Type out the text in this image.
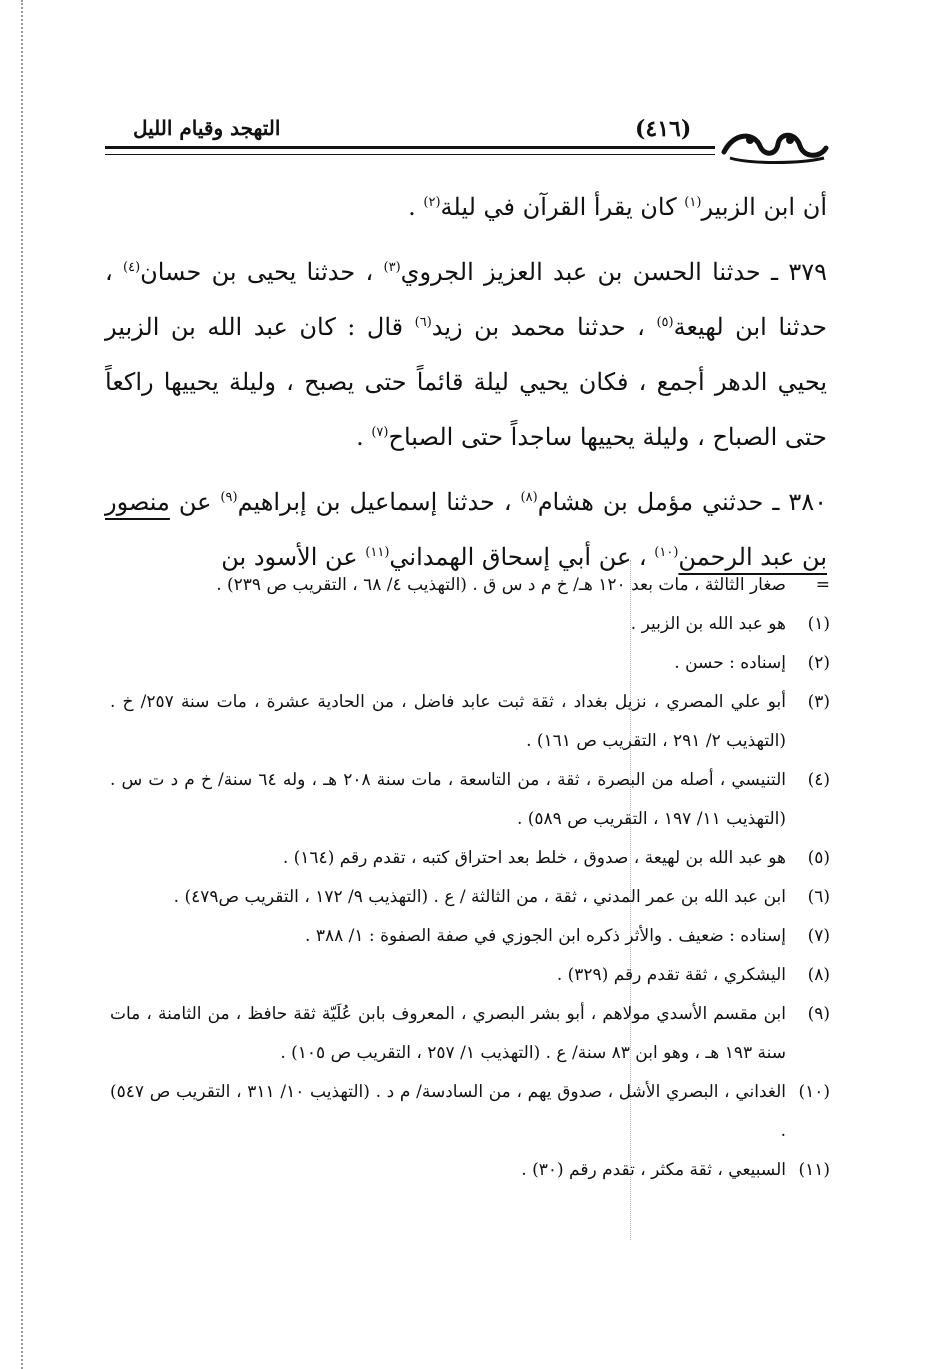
التهجد وقيام الليل	(٤١٦)

أن ابن الزبير$^{(١)}$ كان يقرأ القرآن في ليلة$^{(٢)}$ .

٣٧٩ ـ حدثنا الحسن بن عبد العزيز الجروي$^{(٣)}$ ، حدثنا يحيى بن حسان$^{(٤)}$ ، حدثنا ابن لهيعة$^{(٥)}$ ، حدثنا محمد بن زيد$^{(٦)}$ قال : كان عبد الله بن الزبير يحيي الدهر أجمع ، فكان يحيي ليلة قائماً حتى يصبح ، وليلة يحييها راكعاً حتى الصباح ، وليلة يحييها ساجداً حتى الصباح$^{(٧)}$ .

٣٨٠ ـ حدثني مؤمل بن هشام$^{(٨)}$ ، حدثنا إسماعيل بن إبراهيم$^{(٩)}$ عن منصور بن عبد الرحمن$^{(١٠)}$ ، عن أبي إسحاق الهمداني$^{(١١)}$ عن الأسود بن

=
صغار الثالثة ، مات بعد ١٢٠ هـ/ خ م د س ق . (التهذيب ٤/ ٦٨ ، التقريب ص ٢٣٩) .
(١)
هو عبد الله بن الزبير .
(٢)
إسناده : حسن .
(٣)
أبو علي المصري ، نزيل بغداد ، ثقة ثبت عابد فاضل ، من الحادية عشرة ، مات سنة ٢٥٧/ خ . (التهذيب ٢/ ٢٩١ ، التقريب ص ١٦١) .
(٤)
التنيسي ، أصله من البصرة ، ثقة ، من التاسعة ، مات سنة ٢٠٨ هـ ، وله ٦٤ سنة/ خ م د ت س . (التهذيب ١١/ ١٩٧ ، التقريب ص ٥٨٩) .
(٥)
هو عبد الله بن لهيعة ، صدوق ، خلط بعد احتراق كتبه ، تقدم رقم (١٦٤) .
(٦)
ابن عبد الله بن عمر المدني ، ثقة ، من الثالثة / ع . (التهذيب ٩/ ١٧٢ ، التقريب ص٤٧٩) .
(٧)
إسناده : ضعيف . والأثر ذكره ابن الجوزي في صفة الصفوة : ١/ ٣٨٨ .
(٨)
اليشكري ، ثقة تقدم رقم (٣٢٩) .
(٩)
ابن مقسم الأسدي مولاهم ، أبو بشر البصري ، المعروف بابن عُلَيّة ثقة حافظ ، من الثامنة ، مات سنة ١٩٣ هـ ، وهو ابن ٨٣ سنة/ ع . (التهذيب ١/ ٢٥٧ ، التقريب ص ١٠٥) .
(١٠)
الغداني ، البصري الأشل ، صدوق يهم ، من السادسة/ م د . (التهذيب ١٠/ ٣١١ ، التقريب ص ٥٤٧) .
(١١)
السبيعي ، ثقة مكثر ، تقدم رقم (٣٠) .
